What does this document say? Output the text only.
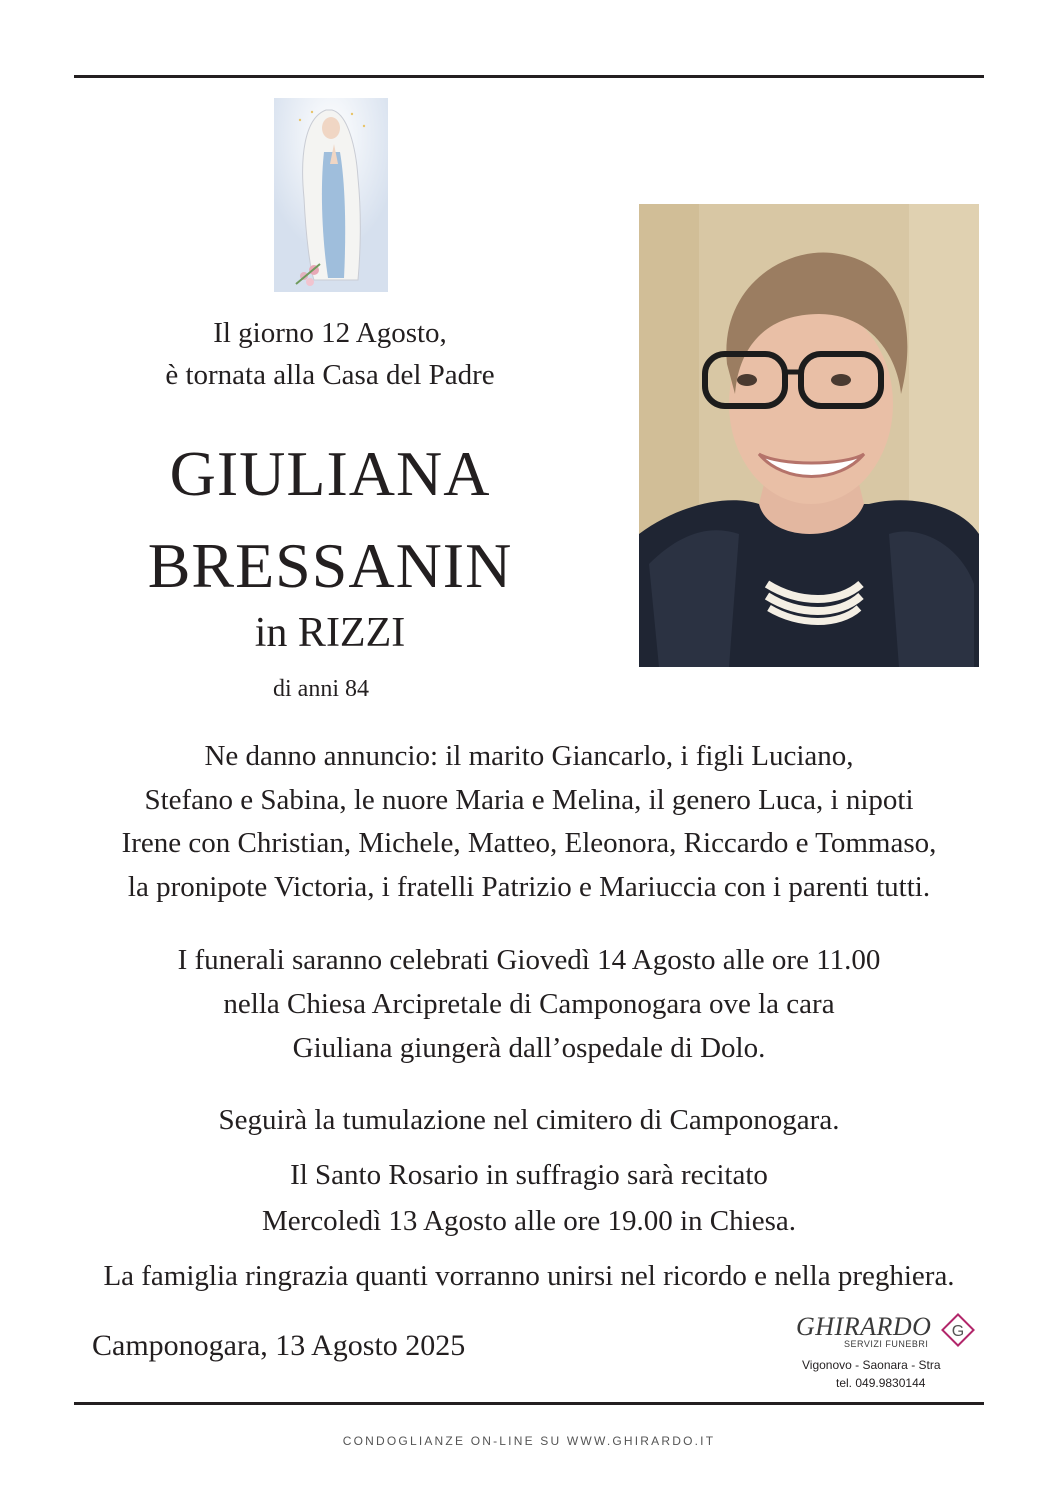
Il giorno 12 Agosto,
è tornata alla Casa del Padre
GIULIANA
BRESSANIN
in RIZZI
di anni 84
Ne danno annuncio: il marito Giancarlo, i figli Luciano,
Stefano e Sabina, le nuore Maria e Melina, il genero Luca, i nipoti
Irene con Christian, Michele, Matteo, Eleonora, Riccardo e Tommaso,
la pronipote Victoria, i fratelli Patrizio e Mariuccia con i parenti tutti.
I funerali saranno celebrati Giovedì 14 Agosto alle ore 11.00
nella Chiesa Arcipretale di Camponogara ove la cara
Giuliana giungerà dall’ospedale di Dolo.
Seguirà la tumulazione nel cimitero di Camponogara.
Il Santo Rosario in suffragio sarà recitato
Mercoledì 13 Agosto alle ore 19.00 in Chiesa.
La famiglia ringrazia quanti vorranno unirsi nel ricordo e nella preghiera.
Camponogara, 13 Agosto 2025
GHIRARDO
SERVIZI FUNEBRI
G
Vigonovo - Saonara - Stra
tel. 049.9830144
CONDOGLIANZE ON-LINE SU WWW.GHIRARDO.IT
